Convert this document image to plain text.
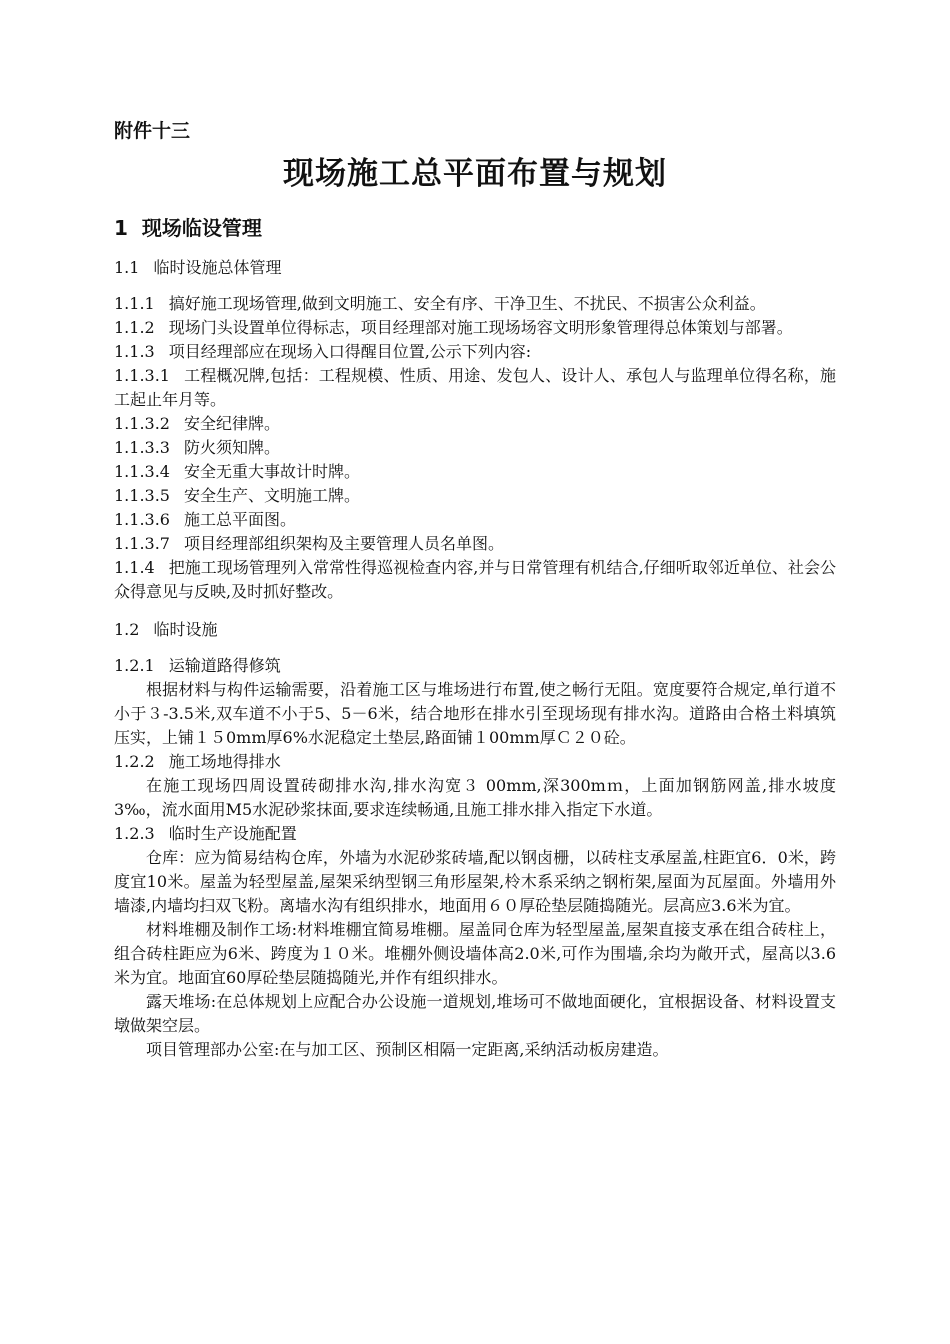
附件十三

现场施工总平面布置与规划
1 现场临设管理

1.1 临时设施总体管理

1.1.1 搞好施工现场管理,做到文明施工、安全有序、干净卫生、不扰民、不损害公众利益。

1.1.2 现场门头设置单位得标志，项目经理部对施工现场场容文明形象管理得总体策划与部署。

1.1.3 项目经理部应在现场入口得醒目位置,公示下列内容:

1.1.3.1 工程概况牌,包括：工程规模、性质、用途、发包人、设计人、承包人与监理单位得名称，施工起止年月等。

1.1.3.2 安全纪律牌。

1.1.3.3 防火须知牌。

1.1.3.4 安全无重大事故计时牌。

1.1.3.5 安全生产、文明施工牌。

1.1.3.6 施工总平面图。

1.1.3.7 项目经理部组织架构及主要管理人员名单图。

1.1.4 把施工现场管理列入常常性得巡视检查内容,并与日常管理有机结合,仔细听取邻近单位、社会公众得意见与反映,及时抓好整改。

1.2 临时设施

1.2.1 运输道路得修筑

根据材料与构件运输需要，沿着施工区与堆场进行布置,使之畅行无阻。宽度要符合规定,单行道不小于３-3.5米,双车道不小于5、5－6米，结合地形在排水引至现场现有排水沟。道路由合格土料填筑压实，上铺１５0mm厚6%水泥稳定土垫层,路面铺１00mm厚Ｃ２０砼。

1.2.2 施工场地得排水

在施工现场四周设置砖砌排水沟,排水沟宽３ 00mm,深300mｍ，上面加钢筋网盖,排水坡度3‰，流水面用M5水泥砂浆抹面,要求连续畅通,且施工排水排入指定下水道。

1.2.3 临时生产设施配置

仓库：应为简易结构仓库，外墙为水泥砂浆砖墙,配以钢卤栅，以砖柱支承屋盖,柱距宜6．0米，跨度宜10米。屋盖为轻型屋盖,屋架采纳型钢三角形屋架,柃木系采纳之钢桁架,屋面为瓦屋面。外墙用外墙漆,内墙均扫双飞粉。离墙水沟有组织排水，地面用６０厚砼垫层随捣随光。层高应3.6米为宜。

材料堆棚及制作工场:材料堆棚宜简易堆棚。屋盖同仓库为轻型屋盖,屋架直接支承在组合砖柱上，组合砖柱距应为6米、跨度为１０米。堆棚外侧设墙体高2.0米,可作为围墙,余均为敞开式，屋高以3.6米为宜。地面宜60厚砼垫层随捣随光,并作有组织排水。

露天堆场:在总体规划上应配合办公设施一道规划,堆场可不做地面硬化，宜根据设备、材料设置支墩做架空层。

项目管理部办公室:在与加工区、预制区相隔一定距离,采纳活动板房建造。
